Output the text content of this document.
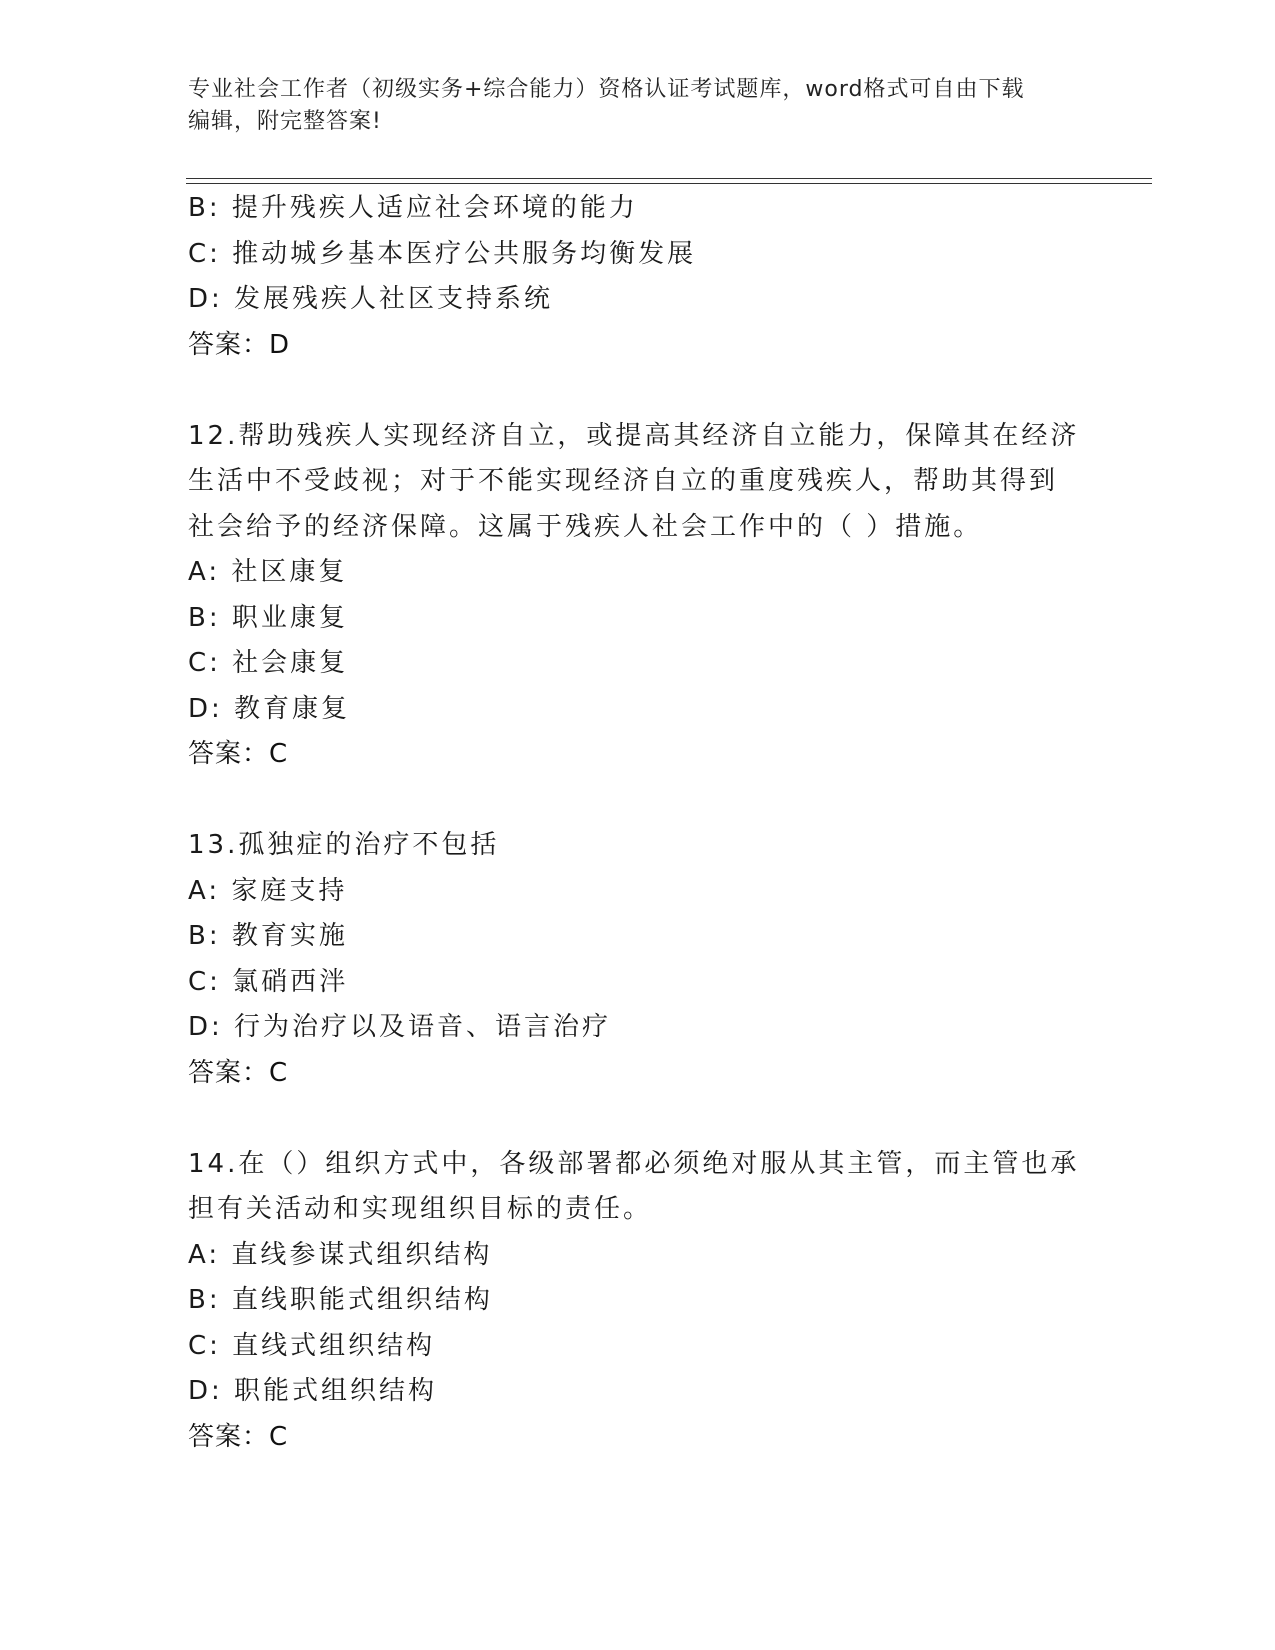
专业社会工作者（初级实务+综合能力）资格认证考试题库，word格式可自由下载
编辑，附完整答案!
B: 提升残疾人适应社会环境的能力
C: 推动城乡基本医疗公共服务均衡发展
D: 发展残疾人社区支持系统
答案：D
12.帮助残疾人实现经济自立，或提高其经济自立能力，保障其在经济
生活中不受歧视；对于不能实现经济自立的重度残疾人，帮助其得到
社会给予的经济保障。这属于残疾人社会工作中的（ ）措施。
A: 社区康复
B: 职业康复
C: 社会康复
D: 教育康复
答案：C
13.孤独症的治疗不包括
A: 家庭支持
B: 教育实施
C: 氯硝西泮
D: 行为治疗以及语音、语言治疗
答案：C
14.在（）组织方式中，各级部署都必须绝对服从其主管，而主管也承
担有关活动和实现组织目标的责任。
A: 直线参谋式组织结构
B: 直线职能式组织结构
C: 直线式组织结构
D: 职能式组织结构
答案：C
